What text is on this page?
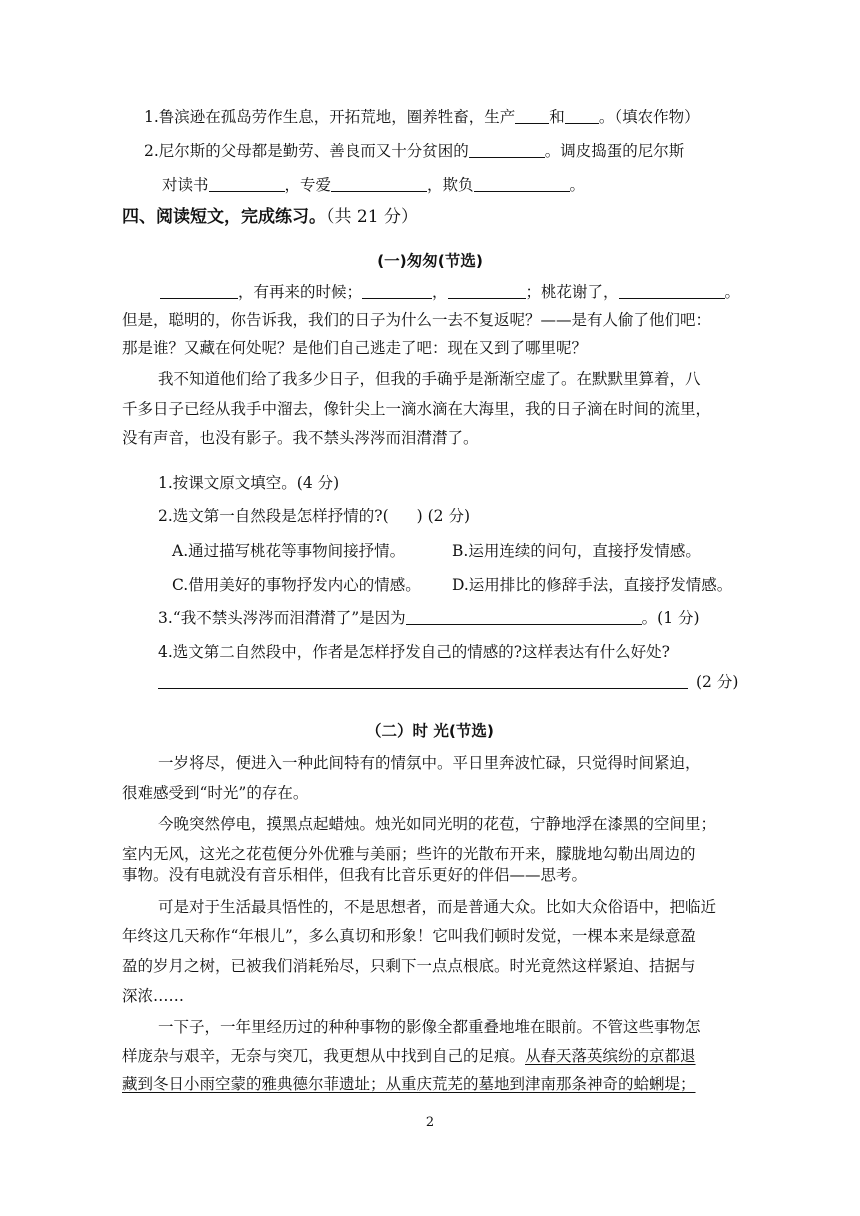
1.鲁滨逊在孤岛劳作生息，开拓荒地，圈养牲畜，生产 和 。（填农作物）
2.尼尔斯的父母都是勤劳、善良而又十分贫困的	。调皮捣蛋的尼尔斯
对读书	，专爱	，欺负	。
四、阅读短文，完成练习。（共 21 分）
(一)匆匆(节选)
，有再来的时候；	，	；桃花谢了，	。
但是，聪明的，你告诉我，我们的日子为什么一去不复返呢？——是有人偷了他们吧：
那是谁？又藏在何处呢？是他们自己逃走了吧：现在又到了哪里呢？
我不知道他们给了我多少日子，但我的手确乎是渐渐空虚了。在默默里算着，八
千多日子已经从我手中溜去，像针尖上一滴水滴在大海里，我的日子滴在时间的流里，
没有声音，也没有影子。我不禁头涔涔而泪潸潸了。
1.按课文原文填空。(4 分)
2.选文第一自然段是怎样抒情的?( ) (2 分)
A.通过描写桃花等事物间接抒情。	B.运用连续的问句，直接抒发情感。
C.借用美好的事物抒发内心的情感。 D.运用排比的修辞手法，直接抒发情感。
3.“我不禁头涔涔而泪潸潸了”是因为	。(1 分)
4.选文第二自然段中，作者是怎样抒发自己的情感的?这样表达有什么好处?
(2 分)
（二）时 光(节选)
一岁将尽，便进入一种此间特有的情氛中。平日里奔波忙碌，只觉得时间紧迫，
很难感受到“时光”的存在。
今晚突然停电，摸黑点起蜡烛。烛光如同光明的花苞，宁静地浮在漆黑的空间里；
室内无风，这光之花苞便分外优雅与美丽；些许的光散布开来，朦胧地勾勒出周边的
事物。没有电就没有音乐相伴，但我有比音乐更好的伴侣——思考。
可是对于生活最具悟性的，不是思想者，而是普通大众。比如大众俗语中，把临近
年终这几天称作“年根儿”，多么真切和形象！它叫我们顿时发觉，一棵本来是绿意盈
盈的岁月之树，已被我们消耗殆尽，只剩下一点点根底。时光竟然这样紧迫、拮据与
深浓……
一下子，一年里经历过的种种事物的影像全都重叠地堆在眼前。不管这些事物怎
样庞杂与艰辛，无奈与突兀，我更想从中找到自己的足痕。从春天落英缤纷的京都退
藏到冬日小雨空蒙的雅典德尔菲遗址；从重庆荒芜的墓地到津南那条神奇的蛤蜊堤；
2
